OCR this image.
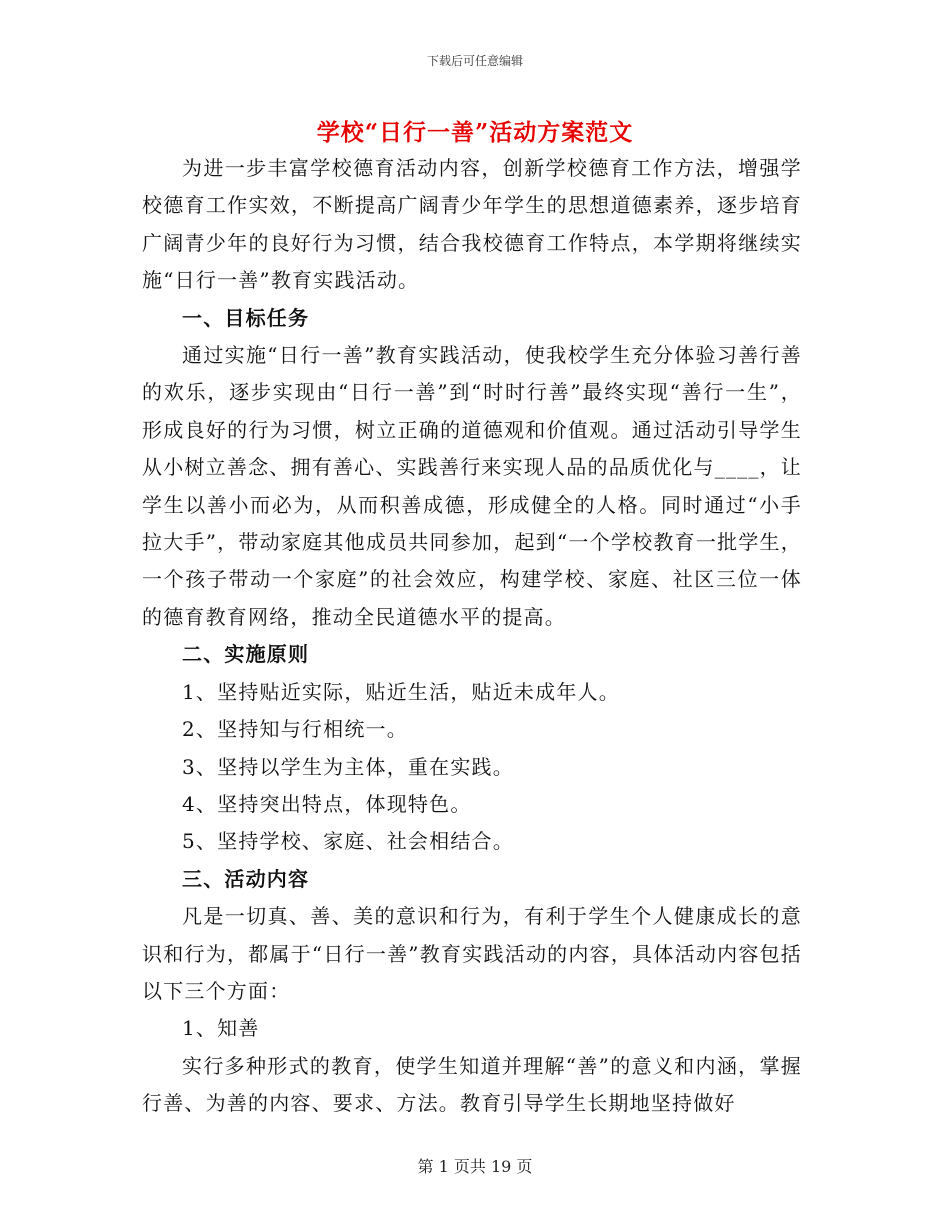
下载后可任意编辑
学校“日行一善”活动方案范文

为进一步丰富学校德育活动内容，创新学校德育工作方法，增强学校德育工作实效，不断提高广阔青少年学生的思想道德素养，逐步培育广阔青少年的良好行为习惯，结合我校德育工作特点，本学期将继续实施“日行一善”教育实践活动。

一、目标任务

通过实施“日行一善”教育实践活动，使我校学生充分体验习善行善的欢乐，逐步实现由“日行一善”到“时时行善”最终实现“善行一生”，形成良好的行为习惯，树立正确的道德观和价值观。通过活动引导学生从小树立善念、拥有善心、实践善行来实现人品的品质优化与____，让学生以善小而必为，从而积善成德，形成健全的人格。同时通过“小手拉大手”，带动家庭其他成员共同参加，起到“一个学校教育一批学生，一个孩子带动一个家庭”的社会效应，构建学校、家庭、社区三位一体的德育教育网络，推动全民道德水平的提高。

二、实施原则

1、坚持贴近实际，贴近生活，贴近未成年人。

2、坚持知与行相统一。

3、坚持以学生为主体，重在实践。

4、坚持突出特点，体现特色。

5、坚持学校、家庭、社会相结合。

三、活动内容

凡是一切真、善、美的意识和行为，有利于学生个人健康成长的意识和行为，都属于“日行一善”教育实践活动的内容，具体活动内容包括以下三个方面：

1、知善

实行多种形式的教育，使学生知道并理解“善”的意义和内涵，掌握行善、为善的内容、要求、方法。教育引导学生长期地坚持做好

第 1 页共 19 页
